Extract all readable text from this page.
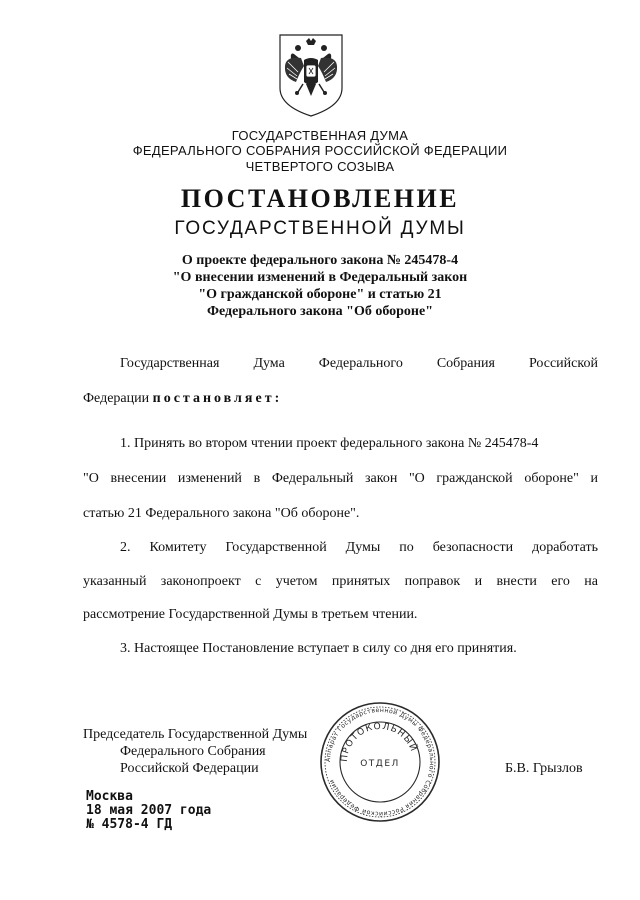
ГОСУДАРСТВЕННАЯ ДУМА
ФЕДЕРАЛЬНОГО СОБРАНИЯ РОССИЙСКОЙ ФЕДЕРАЦИИ
ЧЕТВЕРТОГО СОЗЫВА
ПОСТАНОВЛЕНИЕ
ГОСУДАРСТВЕННОЙ ДУМЫ
О проекте федерального закона № 245478-4
"О внесении изменений в Федеральный закон
"О гражданской обороне" и статью 21
Федерального закона "Об обороне"
Государственная Дума Федерального Собрания Российской
Федерации постановляет:
1. Принять во втором чтении проект федерального закона № 245478-4
"О внесении изменений в Федеральный закон "О гражданской обороне" и
статью 21 Федерального закона "Об обороне".
2. Комитету Государственной Думы по безопасности доработать
указанный законопроект с учетом принятых поправок и внести его на
рассмотрение Государственной Думы в третьем чтении.
3. Настоящее Постановление вступает в силу со дня его принятия.
Председатель Государственной Думы
Федерального Собрания
Российской Федерации	Б.В. Грызлов
Аппарат Государственной Думы Федерального Собрания Российской Федерации
ПРОТОКОЛЬНЫЙ
ОТДЕЛ
Москва
18 мая 2007 года
№ 4578-4 ГД
